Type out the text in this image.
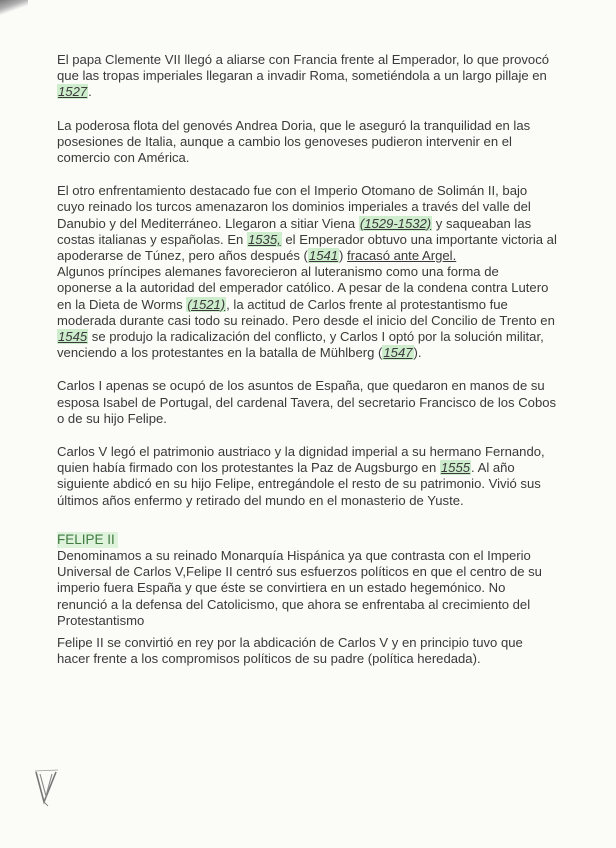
El papa Clemente VII llegó a aliarse con Francia frente al Emperador, lo que provocó que las tropas imperiales llegaran a invadir Roma, sometiéndola a un largo pillaje en 1527.

La poderosa flota del genovés Andrea Doria, que le aseguró la tranquilidad en las posesiones de Italia, aunque a cambio los genoveses pudieron intervenir en el comercio con América.

El otro enfrentamiento destacado fue con el Imperio Otomano de Solimán II, bajo cuyo reinado los turcos amenazaron los dominios imperiales a través del valle del Danubio y del Mediterráneo. Llegaron a sitiar Viena (1529-1532) y saqueaban las costas italianas y españolas. En 1535, el Emperador obtuvo una importante victoria al apoderarse de Túnez, pero años después (1541) fracasó ante Argel.

Algunos príncipes alemanes favorecieron al luteranismo como una forma de oponerse a la autoridad del emperador católico. A pesar de la condena contra Lutero en la Dieta de Worms (1521), la actitud de Carlos frente al protestantismo fue moderada durante casi todo su reinado. Pero desde el inicio del Concilio de Trento en 1545 se produjo la radicalización del conflicto, y Carlos I optó por la solución militar, venciendo a los protestantes en la batalla de Mühlberg (1547).

Carlos I apenas se ocupó de los asuntos de España, que quedaron en manos de su esposa Isabel de Portugal, del cardenal Tavera, del secretario Francisco de los Cobos o de su hijo Felipe.

Carlos V legó el patrimonio austriaco y la dignidad imperial a su hermano Fernando, quien había firmado con los protestantes la Paz de Augsburgo en 1555. Al año siguiente abdicó en su hijo Felipe, entregándole el resto de su patrimonio. Vivió sus últimos años enfermo y retirado del mundo en el monasterio de Yuste.

FELIPE II

Denominamos a su reinado Monarquía Hispánica ya que contrasta con el Imperio Universal de Carlos V,Felipe II centró sus esfuerzos políticos en que el centro de su imperio fuera España y que éste se convirtiera en un estado hegemónico. No renunció a la defensa del Catolicismo, que ahora se enfrentaba al crecimiento del Protestantismo

Felipe II se convirtió en rey por la abdicación de Carlos V y en principio tuvo que hacer frente a los compromisos políticos de su padre (política heredada).
